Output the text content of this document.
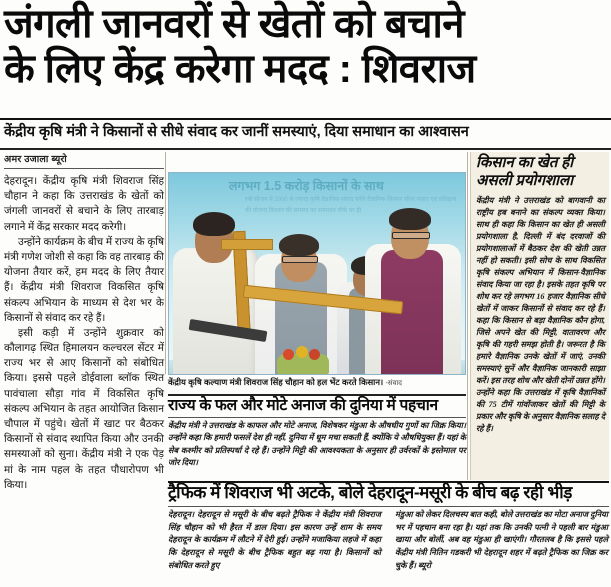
जंगली जानवरों से खेतों को बचाने
के लिए केंद्र करेगा मदद : शिवराज
केंद्रीय कृषि मंत्री ने किसानों से सीधे संवाद कर जानीं समस्याएं, दिया समाधान का आश्वासन
अमर उजाला ब्यूरो

देहरादून। केंद्रीय कृषि मंत्री शिवराज सिंह चौहान ने कहा कि उत्तराखंड के खेतों को जंगली जानवरों से बचाने के लिए तारबाड़ लगाने में केंद्र सरकार मदद करेगी।

उन्होंने कार्यक्रम के बीच में राज्य के कृषि मंत्री गणेश जोशी से कहा कि वह तारबाड़ की योजना तैयार करें, हम मदद के लिए तैयार हैं। केंद्रीय मंत्री शिवराज विकसित कृषि संकल्प अभियान के माध्यम से देश भर के किसानों से संवाद कर रहे हैं।

इसी कड़ी में उन्होंने शुक्रवार को कौलागढ़ स्थित हिमालयन कल्चरल सेंटर में राज्य भर से आए किसानों को संबोधित किया। इससे पहले डोईवाला ब्लॉक स्थित पावंचाला सौड़ा गांव में विकसित कृषि संकल्प अभियान के तहत आयोजित किसान चौपाल में पहुंचे। खेतों में खाट पर बैठकर किसानों से संवाद स्थापित किया और उनकी समस्याओं को सुना। केंद्रीय मंत्री ने एक पेड़ मां के नाम पहल के तहत पौधारोपण भी किया।

लगभग 1.5 करोड़ किसानों के साथ
रबी सीजन में 2000 से ज्यादा कृषि वैज्ञानिक संवाद करेंगे वैज्ञानिक-किसान सीधा संवाद एवं प्रशिक्षण की योजना किसान की समस्या का समाधान मौके पर ही
केंद्रीय कृषि कल्याण मंत्री शिवराज सिंह चौहान को हल भेंट करते किसान। -संवाद
किसान का खेत ही
असली प्रयोगशाला

केंद्रीय मंत्री ने उत्तराखंड को बागवानी का राष्ट्रीय हब बनाने का संकल्प व्यक्त किया। साथ ही कहा कि किसान का खेत ही असली प्रयोगशाला है, दिल्ली में बंद दरवाजों की प्रयोगशालाओं में बैठकर देश की खेती उन्नत नहीं हो सकती। इसी सोच के साथ विकसित कृषि संकल्प अभियान में किसान-वैज्ञानिक संवाद किया जा रहा है। इसके तहत कृषि पर शोध कर रहे लगभग 16 हजार वैज्ञानिक सीधे खेतों में जाकर किसानों से संवाद कर रहे हैं। कहा कि किसान से बड़ा वैज्ञानिक कौन होगा, जिसे अपने खेत की मिट्टी, वातावरण और कृषि की गहरी समझ होती है। जरूरत है कि हमारे वैज्ञानिक उनके खेतों में जाएं, उनकी समस्याएं सुनें और वैज्ञानिक जानकारी साझा करें। इस तरह शोध और खेती दोनों उन्नत होंगे। उन्होंने कहा कि उत्तराखंड में कृषि वैज्ञानिकों की 75 टीमें गांवोंजाकर खेतों की मिट्टी के प्रकार और कृषि के अनुसार वैज्ञानिक सलाह दे रहे हैं।

राज्य के फल और मोटे अनाज की दुनिया में पहचान
केंद्रीय मंत्री ने उत्तराखंड के काफल और मोटे अनाज, विशेषकर मंडुआ के औषधीय गुणों का जिक्र किया। उन्होंने कहा कि हमारी फसलें देश ही नहीं, दुनिया में धूम मचा सकती हैं, क्योंकि ये औषधियुक्त हैं। यहां के सेब कश्मीर को प्रतिस्पर्धा दे रहे हैं। उन्होंने मिट्टी की आवश्यकता के अनुसार ही उर्वरकों के इस्तेमाल पर जोर दिया।
ट्रैफिक में शिवराज भी अटके, बोले देहरादून-मसूरी के बीच बढ़ रही भीड़

देहरादून। देहरादून से मसूरी के बीच बढ़ते ट्रैफिक ने केंद्रीय मंत्री शिवराज सिंह चौहान को भी हैरत में डाल दिया। इस कारण उन्हें शाम के समय देहरादून के कार्यक्रम में लौटने में देरी हुई। उन्होंने मजाकिया लहजे में कहा कि देहरादून से मसूरी के बीच ट्रैफिक बहुत बढ़ गया है। किसानों को संबोधित करते हुए

मंडुआ को लेकर दिलचस्प बात कही, बोले उत्तराखंड का मोटा अनाज दुनिया भर में पहचान बना रहा है। यहां तक कि उनकी पत्नी ने पहली बार मंडुआ खाया और बोलीं, अब वह मंडुआ ही खाएंगी। गौरतलब है कि इससे पहले केंद्रीय मंत्री नितिन गडकरी भी देहरादून शहर में बढ़ते ट्रैफिक का जिक्र कर चुके हैं। ब्यूरो
